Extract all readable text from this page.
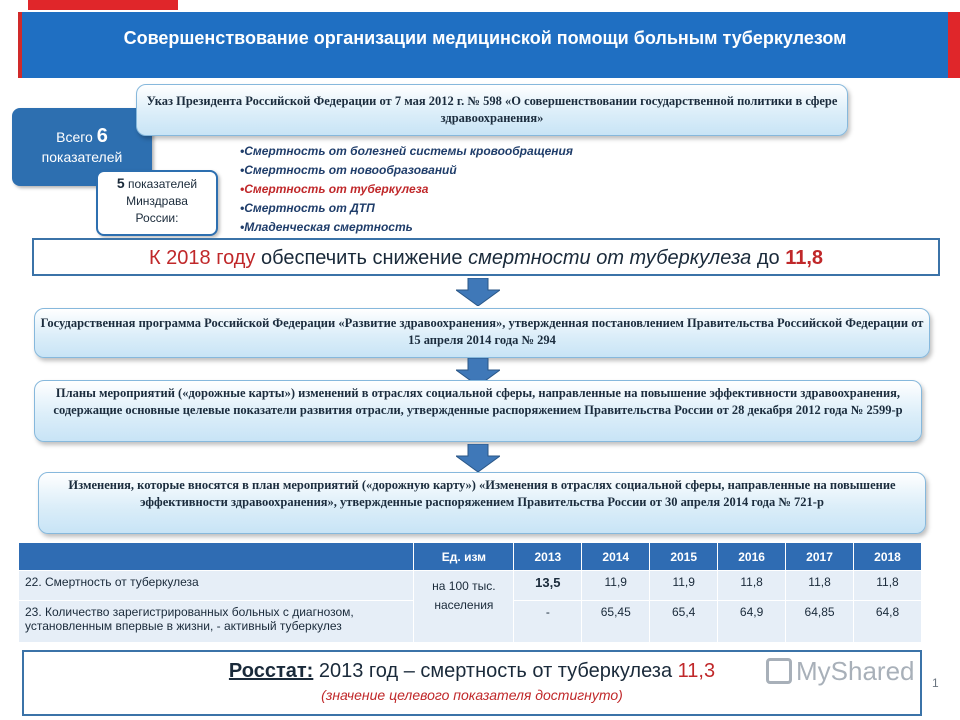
Совершенствование организации медицинской помощи больным туберкулезом
Всего 6
показателей
Указ Президента Российской Федерации от 7 мая 2012 г. № 598 «О совершенствовании государственной политики в сфере здравоохранения»
5 показателей
Минздрава
России:
•Смертность от болезней системы кровообращения
•Смертность от новообразований
•Смертность от туберкулеза
•Смертность от ДТП
•Младенческая смертность
К 2018 году обеспечить снижение смертности от туберкулеза до 11,8
Государственная программа Российской Федерации «Развитие здравоохранения», утвержденная постановлением Правительства Российской Федерации от 15 апреля 2014 года № 294
Планы мероприятий («дорожные карты») изменений в отраслях социальной сферы, направленные на повышение эффективности здравоохранения, содержащие основные целевые показатели развития отрасли, утвержденные распоряжением Правительства России от 28 декабря 2012 года № 2599-р
Изменения, которые вносятся в план мероприятий («дорожную карту») «Изменения в отраслях социальной сферы, направленные на повышение эффективности здравоохранения», утвержденные распоряжением Правительства России от 30 апреля 2014 года № 721-р
	Ед. изм	2013	2014	2015	2016	2017	2018
22. Смертность от туберкулеза	на 100 тыс. населения	13,5	11,9	11,9	11,8	11,8	11,8
23. Количество зарегистрированных больных с диагнозом, установленным впервые в жизни, - активный туберкулез		-	65,45	65,4	64,9	64,85	64,8
Росстат: 2013 год – смертность от туберкулеза 11,3
(значение целевого показателя достигнуто)
MyShared 1
